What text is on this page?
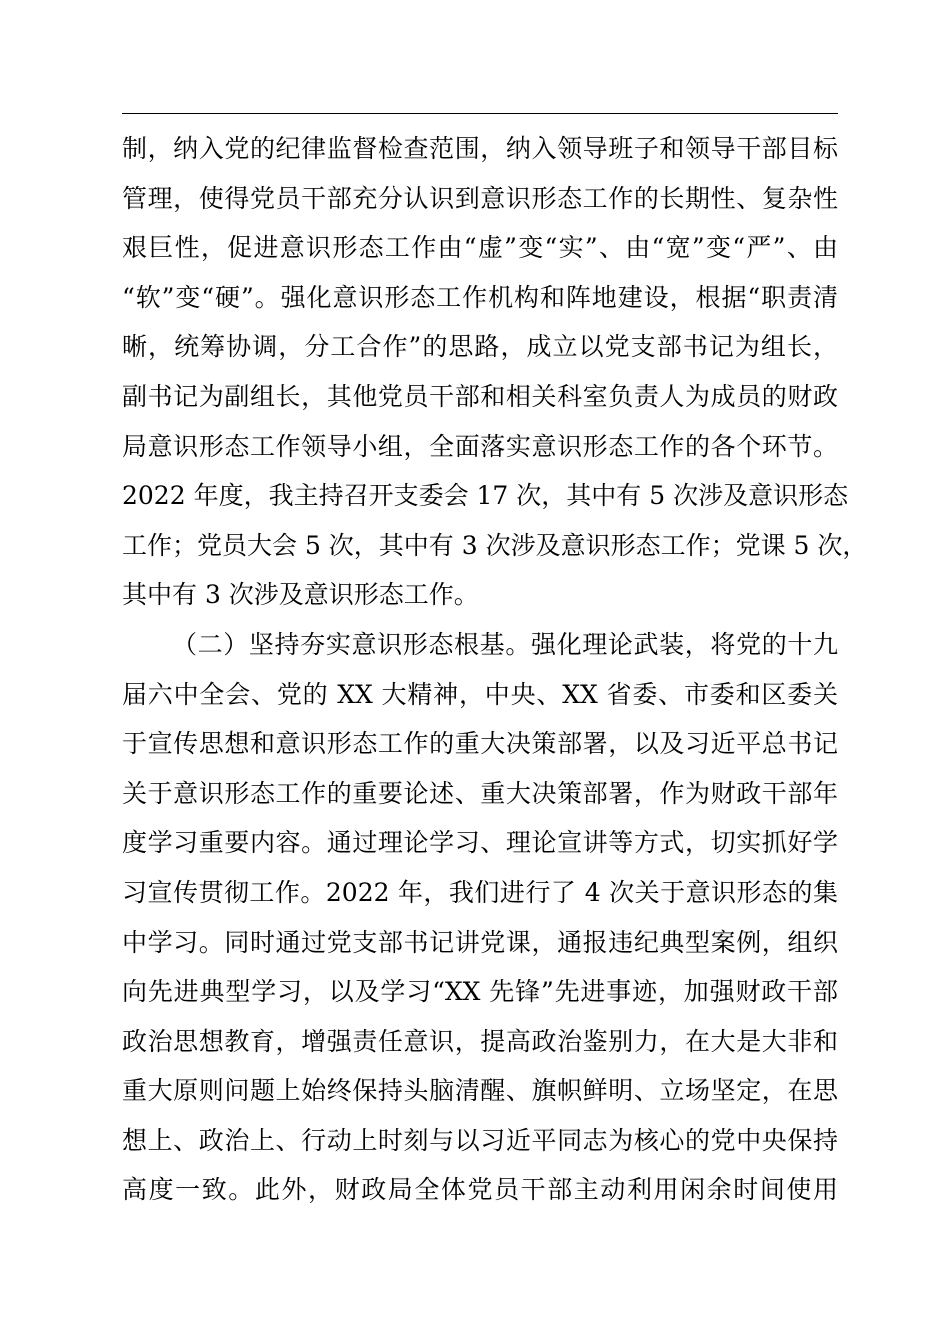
制，纳入党的纪律监督检查范围，纳入领导班子和领导干部目标
管理，使得党员干部充分认识到意识形态工作的长期性、复杂性
艰巨性，促进意识形态工作由“虚”变“实”、由“宽”变“严”、由
“软”变“硬”。强化意识形态工作机构和阵地建设，根据“职责清
晰，统筹协调，分工合作”的思路，成立以党支部书记为组长，
副书记为副组长，其他党员干部和相关科室负责人为成员的财政
局意识形态工作领导小组，全面落实意识形态工作的各个环节。
2022 年度，我主持召开支委会 17 次，其中有 5 次涉及意识形态
工作；党员大会 5 次，其中有 3 次涉及意识形态工作；党课 5 次，
其中有 3 次涉及意识形态工作。
（二）坚持夯实意识形态根基。强化理论武装，将党的十九
届六中全会、党的 XX 大精神，中央、XX 省委、市委和区委关
于宣传思想和意识形态工作的重大决策部署，以及习近平总书记
关于意识形态工作的重要论述、重大决策部署，作为财政干部年
度学习重要内容。通过理论学习、理论宣讲等方式，切实抓好学
习宣传贯彻工作。2022 年，我们进行了 4 次关于意识形态的集
中学习。同时通过党支部书记讲党课，通报违纪典型案例，组织
向先进典型学习，以及学习“XX 先锋”先进事迹，加强财政干部
政治思想教育，增强责任意识，提高政治鉴别力，在大是大非和
重大原则问题上始终保持头脑清醒、旗帜鲜明、立场坚定，在思
想上、政治上、行动上时刻与以习近平同志为核心的党中央保持
高度一致。此外，财政局全体党员干部主动利用闲余时间使用
